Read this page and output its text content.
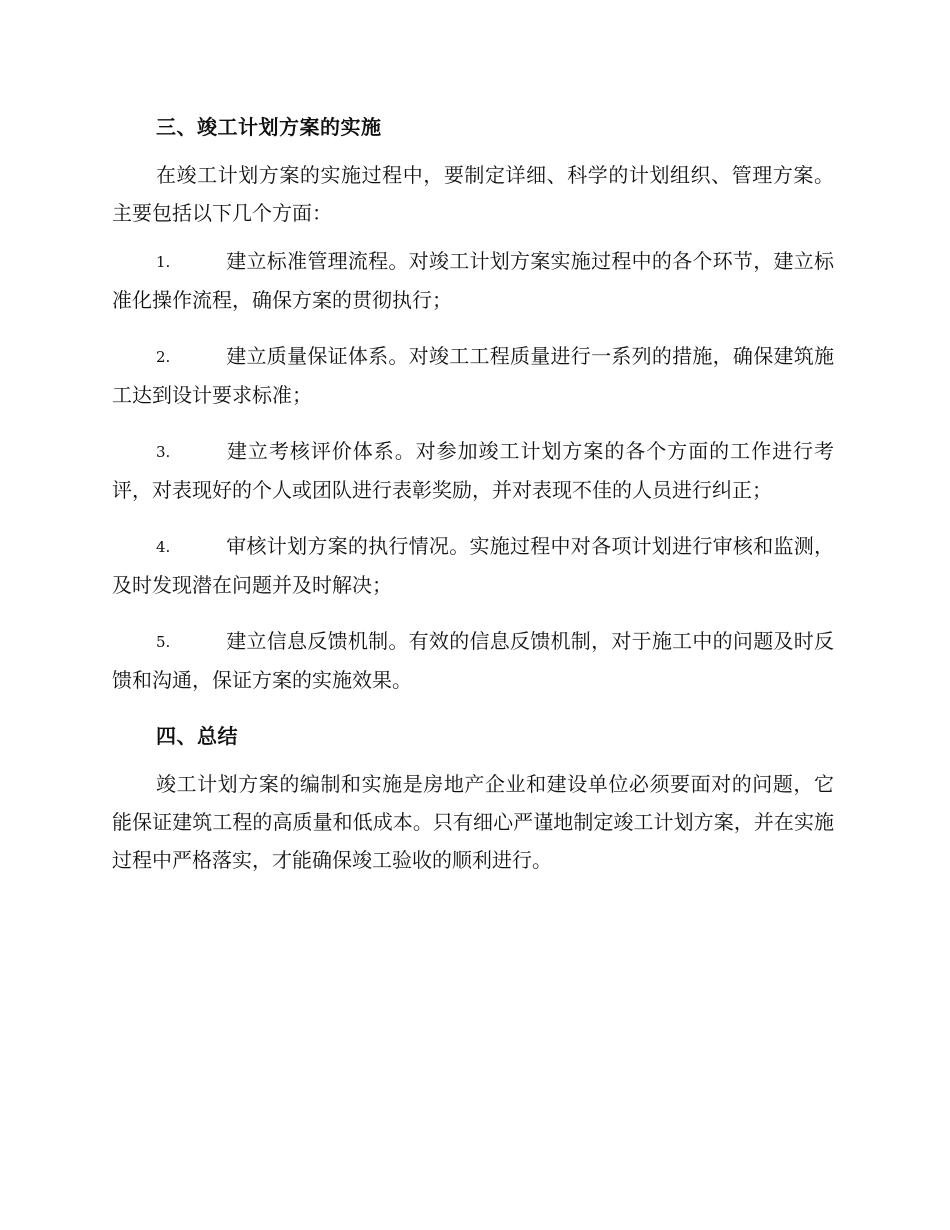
三、竣工计划方案的实施

在竣工计划方案的实施过程中，要制定详细、科学的计划组织、管理方案。主要包括以下几个方面：

1.	建立标准管理流程。对竣工计划方案实施过程中的各个环节，建立标准化操作流程，确保方案的贯彻执行；

2.	建立质量保证体系。对竣工工程质量进行一系列的措施，确保建筑施工达到设计要求标准；

3.	建立考核评价体系。对参加竣工计划方案的各个方面的工作进行考评，对表现好的个人或团队进行表彰奖励，并对表现不佳的人员进行纠正；

4.	审核计划方案的执行情况。实施过程中对各项计划进行审核和监测，及时发现潜在问题并及时解决；

5.	建立信息反馈机制。有效的信息反馈机制，对于施工中的问题及时反馈和沟通，保证方案的实施效果。

四、总结

竣工计划方案的编制和实施是房地产企业和建设单位必须要面对的问题，它能保证建筑工程的高质量和低成本。只有细心严谨地制定竣工计划方案，并在实施过程中严格落实，才能确保竣工验收的顺利进行。
